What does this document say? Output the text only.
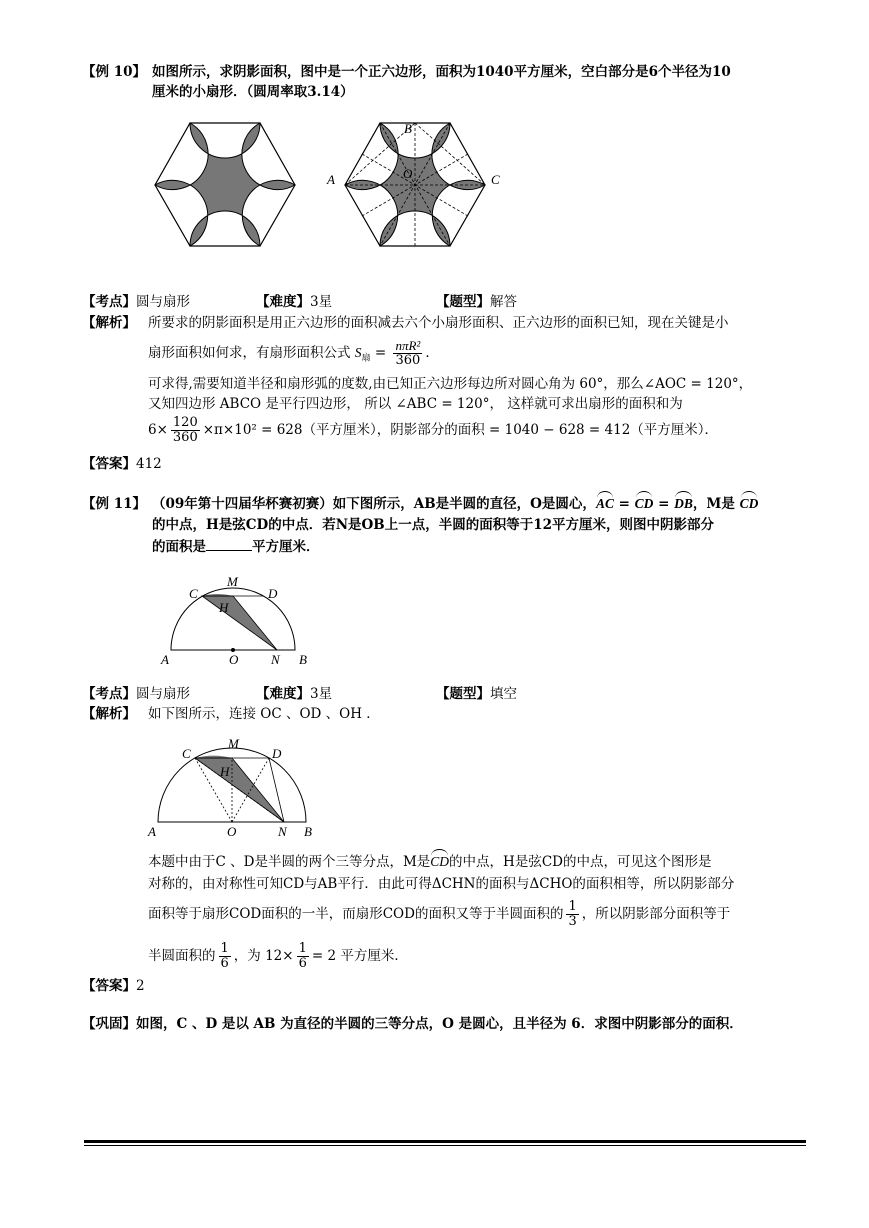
【例 10】 如图所示，求阴影面积，图中是一个正六边形，面积为1040平方厘米，空白部分是6个半径为10
厘米的小扇形．（圆周率取3.14）
A
B
C
O
【考点】圆与扇形	【难度】3星	【题型】解答
【解析】 所要求的阴影面积是用正六边形的面积减去六个小扇形面积、正六边形的面积已知，现在关键是小
扇形面积如何求，有扇形面积公式 $S_扇 = \frac{\text{nπR²}}{360}$ ．
可求得,需要知道半径和扇形弧的度数,由已知正六边形每边所对圆心角为 60°，那么∠AOC = 120°，
又知四边形 ABCO 是平行四边形， 所以 ∠ABC = 120°， 这样就可求出扇形的面积和为
$6\times \frac{120}{360} \times\pi\times 10^2 = 628$（平方厘米），阴影部分的面积 = 1040 − 628 = 412（平方厘米）．
【答案】412
【例 11】 （09年第十四届华杯赛初赛）如下图所示，AB是半圆的直径，O是圆心，AC = CD = DB，M是 CD
的中点，H是弦CD的中点．若N是OB上一点，半圆的面积等于12平方厘米，则图中阴影部分
的面积是	平方厘米．
A	O	N B
C
M
D
H
【考点】圆与扇形	【难度】3星	【题型】填空
【解析】 如下图所示，连接 OC 、OD 、OH ．
A	O	N B
C
M
D
H
本题中由于C 、D是半圆的两个三等分点，M是CD的中点，H是弦CD的中点，可见这个图形是
对称的，由对称性可知CD与AB平行．由此可得ΔCHN的面积与ΔCHO的面积相等，所以阴影部分
面积等于扇形COD面积的一半，而扇形COD的面积又等于半圆面积的 $\frac{1}{3}$ ，所以阴影部分面积等于
半圆面积的 $\frac{1}{6}$ ，为 $12\times \frac{1}{6} = 2$ 平方厘米．
【答案】2
【巩固】如图，C 、D 是以 AB 为直径的半圆的三等分点，O 是圆心，且半径为 6．求图中阴影部分的面积．
